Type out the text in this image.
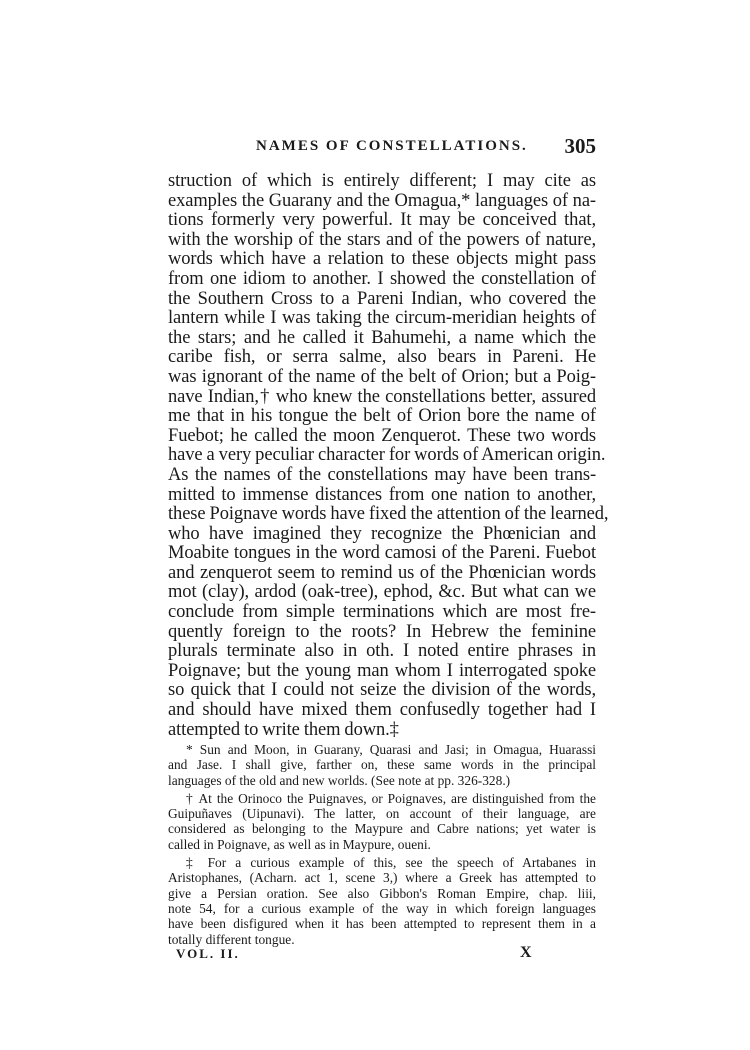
NAMES OF CONSTELLATIONS. 305
struction of which is entirely different; I may cite as
examples the Guarany and the Omagua,* languages of na-
tions formerly very powerful. It may be conceived that,
with the worship of the stars and of the powers of nature,
words which have a relation to these objects might pass
from one idiom to another. I showed the constellation of
the Southern Cross to a Pareni Indian, who covered the
lantern while I was taking the circum-meridian heights of
the stars; and he called it Bahumehi, a name which the
caribe fish, or serra salme, also bears in Pareni. He
was ignorant of the name of the belt of Orion; but a Poig-
nave Indian,† who knew the constellations better, assured
me that in his tongue the belt of Orion bore the name of
Fuebot; he called the moon Zenquerot. These two words
have a very peculiar character for words of American origin.
As the names of the constellations may have been trans-
mitted to immense distances from one nation to another,
these Poignave words have fixed the attention of the learned,
who have imagined they recognize the Phœnician and
Moabite tongues in the word camosi of the Pareni. Fuebot
and zenquerot seem to remind us of the Phœnician words
mot (clay), ardod (oak-tree), ephod, &c. But what can we
conclude from simple terminations which are most fre-
quently foreign to the roots? In Hebrew the feminine
plurals terminate also in oth. I noted entire phrases in
Poignave; but the young man whom I interrogated spoke
so quick that I could not seize the division of the words,
and should have mixed them confusedly together had I
attempted to write them down.‡
* Sun and Moon, in Guarany, Quarasi and Jasi; in Omagua, Huarassi
and Jase. I shall give, farther on, these same words in the principal
languages of the old and new worlds. (See note at pp. 326-328.)
† At the Orinoco the Puignaves, or Poignaves, are distinguished from the
Guipuñaves (Uipunavi). The latter, on account of their language, are
considered as belonging to the Maypure and Cabre nations; yet water is
called in Poignave, as well as in Maypure, oueni.
‡ For a curious example of this, see the speech of Artabanes in
Aristophanes, (Acharn. act 1, scene 3,) where a Greek has attempted to
give a Persian oration. See also Gibbon's Roman Empire, chap. liii,
note 54, for a curious example of the way in which foreign languages
have been disfigured when it has been attempted to represent them in a
totally different tongue.
VOL. II.	X
